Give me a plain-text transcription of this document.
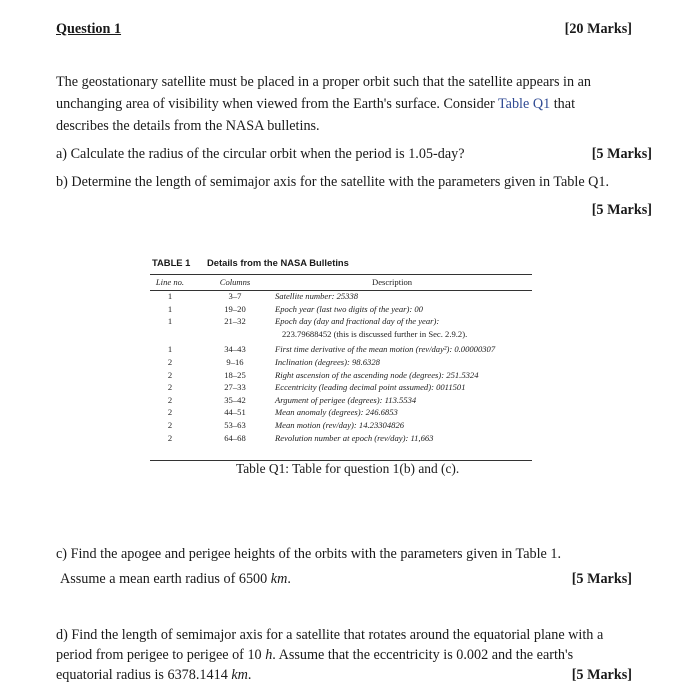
Question 1	[20 Marks]
The geostationary satellite must be placed in a proper orbit such that the satellite appears in an
unchanging area of visibility when viewed from the Earth's surface. Consider Table Q1 that
describes the details from the NASA bulletins.
a) Calculate the radius of the circular orbit when the period is 1.05-day?	[5 Marks]
b) Determine the length of semimajor axis for the satellite with the parameters given in Table Q1.
[5 Marks]
TABLE 1 Details from the NASA Bulletins
Line no.	Columns	Description
1	3–7	Satellite number: 25338
1	19–20	Epoch year (last two digits of the year): 00
1	21–32	Epoch day (day and fractional day of the year):
223.79688452 (this is discussed further in Sec. 2.9.2).
1	34–43	First time derivative of the mean motion (rev/day²): 0.00000307
2	9–16	Inclination (degrees): 98.6328
2	18–25	Right ascension of the ascending node (degrees): 251.5324
2	27–33	Eccentricity (leading decimal point assumed): 0011501
2	35–42	Argument of perigee (degrees): 113.5534
2	44–51	Mean anomaly (degrees): 246.6853
2	53–63	Mean motion (rev/day): 14.23304826
2	64–68	Revolution number at epoch (rev/day): 11,663
Table Q1: Table for question 1(b) and (c).
c) Find the apogee and perigee heights of the orbits with the parameters given in Table 1.
Assume a mean earth radius of 6500 km.	[5 Marks]
d) Find the length of semimajor axis for a satellite that rotates around the equatorial plane with a
period from perigee to perigee of 10 h. Assume that the eccentricity is 0.002 and the earth's
equatorial radius is 6378.1414 km.	[5 Marks]
